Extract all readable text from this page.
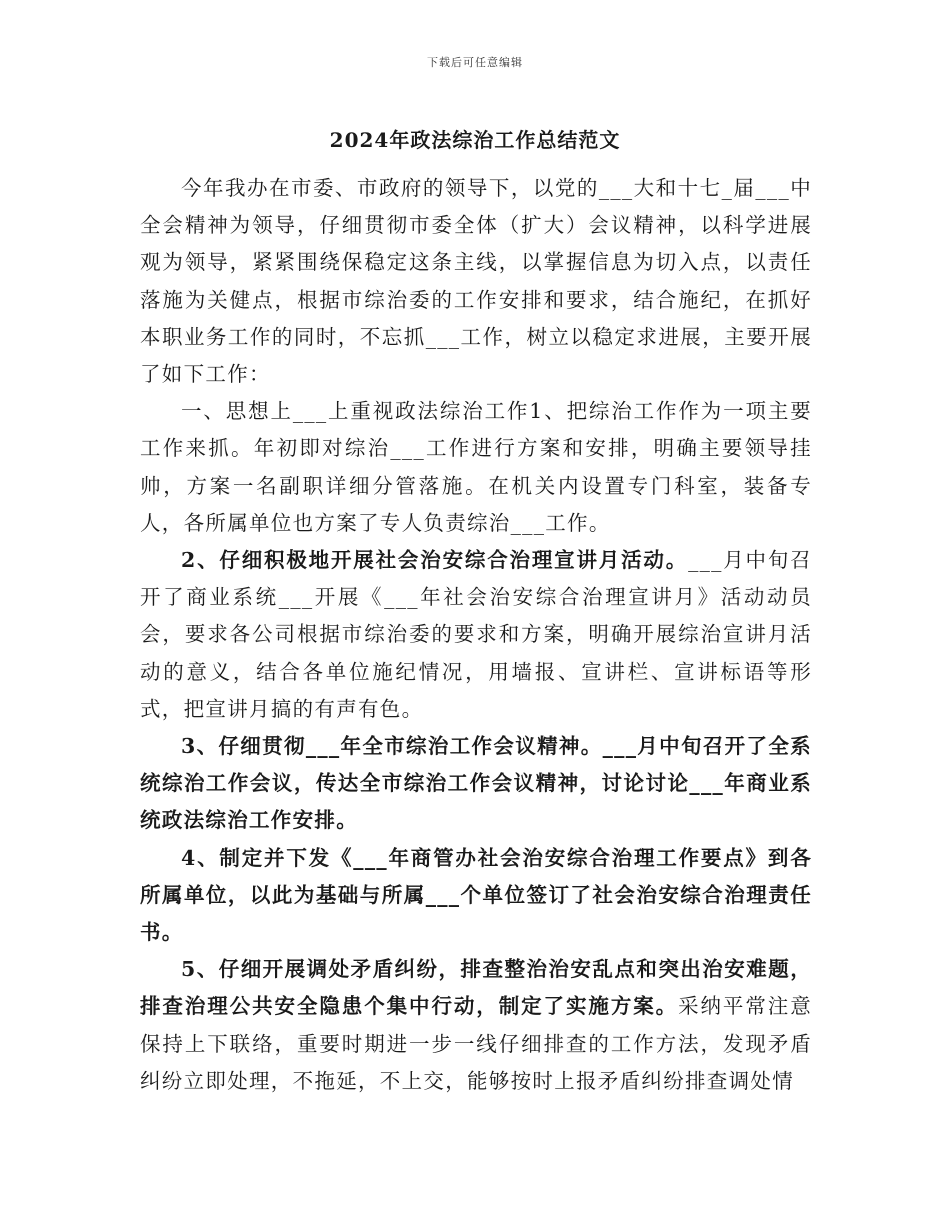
下载后可任意编辑
2024年政法综治工作总结范文

今年我办在市委、市政府的领导下，以党的___大和十七_届___中全会精神为领导，仔细贯彻市委全体（扩大）会议精神，以科学进展观为领导，紧紧围绕保稳定这条主线，以掌握信息为切入点，以责任落施为关健点，根据市综治委的工作安排和要求，结合施纪，在抓好本职业务工作的同时，不忘抓___工作，树立以稳定求进展，主要开展了如下工作：

一、思想上___上重视政法综治工作1、把综治工作作为一项主要工作来抓。年初即对综治___工作进行方案和安排，明确主要领导挂帅，方案一名副职详细分管落施。在机关内设置专门科室，装备专人，各所属单位也方案了专人负责综治___工作。

2、仔细积极地开展社会治安综合治理宣讲月活动。___月中旬召开了商业系统___开展《___年社会治安综合治理宣讲月》活动动员会，要求各公司根据市综治委的要求和方案，明确开展综治宣讲月活动的意义，结合各单位施纪情况，用墙报、宣讲栏、宣讲标语等形式，把宣讲月搞的有声有色。

3、仔细贯彻___年全市综治工作会议精神。___月中旬召开了全系统综治工作会议，传达全市综治工作会议精神，讨论讨论___年商业系统政法综治工作安排。

4、制定并下发《___年商管办社会治安综合治理工作要点》到各所属单位，以此为基础与所属___个单位签订了社会治安综合治理责任书。

5、仔细开展调处矛盾纠纷，排查整治治安乱点和突出治安难题，排查治理公共安全隐患个集中行动，制定了实施方案。采纳平常注意保持上下联络，重要时期进一步一线仔细排查的工作方法，发现矛盾纠纷立即处理，不拖延，不上交，能够按时上报矛盾纠纷排查调处情
